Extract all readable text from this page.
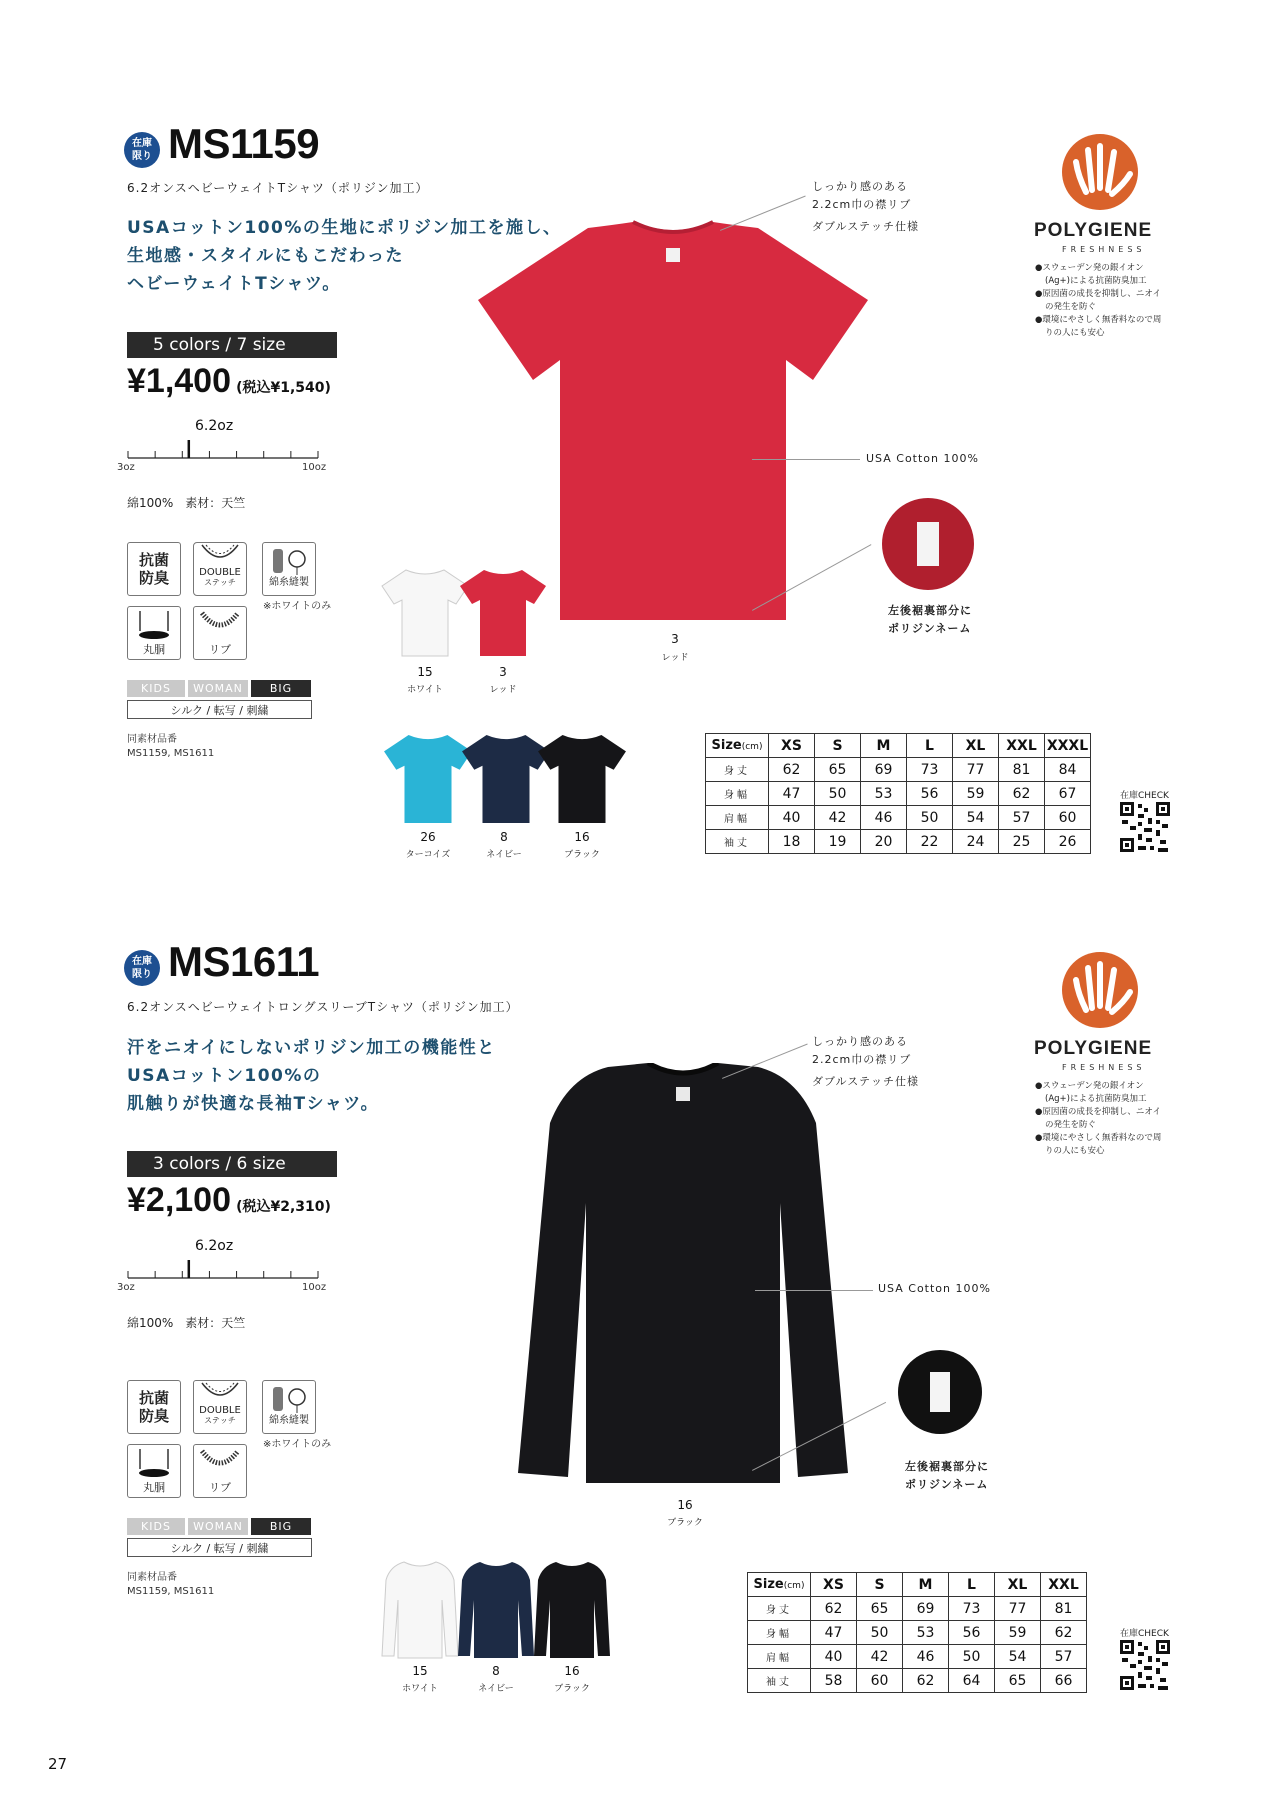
在庫
限り MS1159
6.2オンスヘビーウェイトTシャツ（ポリジン加工）
USAコットン100%の生地にポリジン加工を施し、
生地感・スタイルにもこだわった
ヘビーウェイトTシャツ。
5 colors / 7 size
¥1,400 (税込¥1,540)
6.2oz
3oz	10oz
綿100%　素材：天竺
抗菌
防臭	DOUBLE
ステッチ	綿糸縫製
※ホワイトのみ
丸胴	リブ
KIDS	WOMAN	BIG
シルク / 転写 / 刺繍
同素材品番
MS1159, MS1611
3
レッド
しっかり感のある
2.2cm巾の襟リブ
ダブルステッチ仕様
USA Cotton 100%
左後裾裏部分に
ポリジンネーム
POLYGIENE
FRESHNESS
●スウェーデン発の銀イオン(Ag+)による抗菌防臭加工
●原因菌の成長を抑制し、ニオイの発生を防ぐ
●環境にやさしく無香料なので周りの人にも安心
15
ホワイト
3
レッド
26
ターコイズ
8
ネイビー
16
ブラック
Size(cm)	XS	S	M	L	XL	XXL	XXXL
身丈	62	65	69	73	77	81	84
身幅	47	50	53	56	59	62	67
肩幅	40	42	46	50	54	57	60
袖丈	18	19	20	22	24	25	26
在庫CHECK
在庫
限り MS1611
6.2オンスヘビーウェイトロングスリーブTシャツ（ポリジン加工）
汗をニオイにしないポリジン加工の機能性と
USAコットン100%の
肌触りが快適な長袖Tシャツ。
3 colors / 6 size
¥2,100 (税込¥2,310)
6.2oz
3oz	10oz
綿100%　素材：天竺
抗菌
防臭	DOUBLE
ステッチ	綿糸縫製
※ホワイトのみ
丸胴	リブ
KIDS	WOMAN	BIG
シルク / 転写 / 刺繍
同素材品番
MS1159, MS1611
16
ブラック
しっかり感のある
2.2cm巾の襟リブ
ダブルステッチ仕様
USA Cotton 100%
左後裾裏部分に
ポリジンネーム
POLYGIENE
FRESHNESS
●スウェーデン発の銀イオン(Ag+)による抗菌防臭加工
●原因菌の成長を抑制し、ニオイの発生を防ぐ
●環境にやさしく無香料なので周りの人にも安心
15
ホワイト
8
ネイビー
16
ブラック
Size(cm)	XS	S	M	L	XL	XXL
身丈	62	65	69	73	77	81
身幅	47	50	53	56	59	62
肩幅	40	42	46	50	54	57
袖丈	58	60	62	64	65	66
在庫CHECK
27
